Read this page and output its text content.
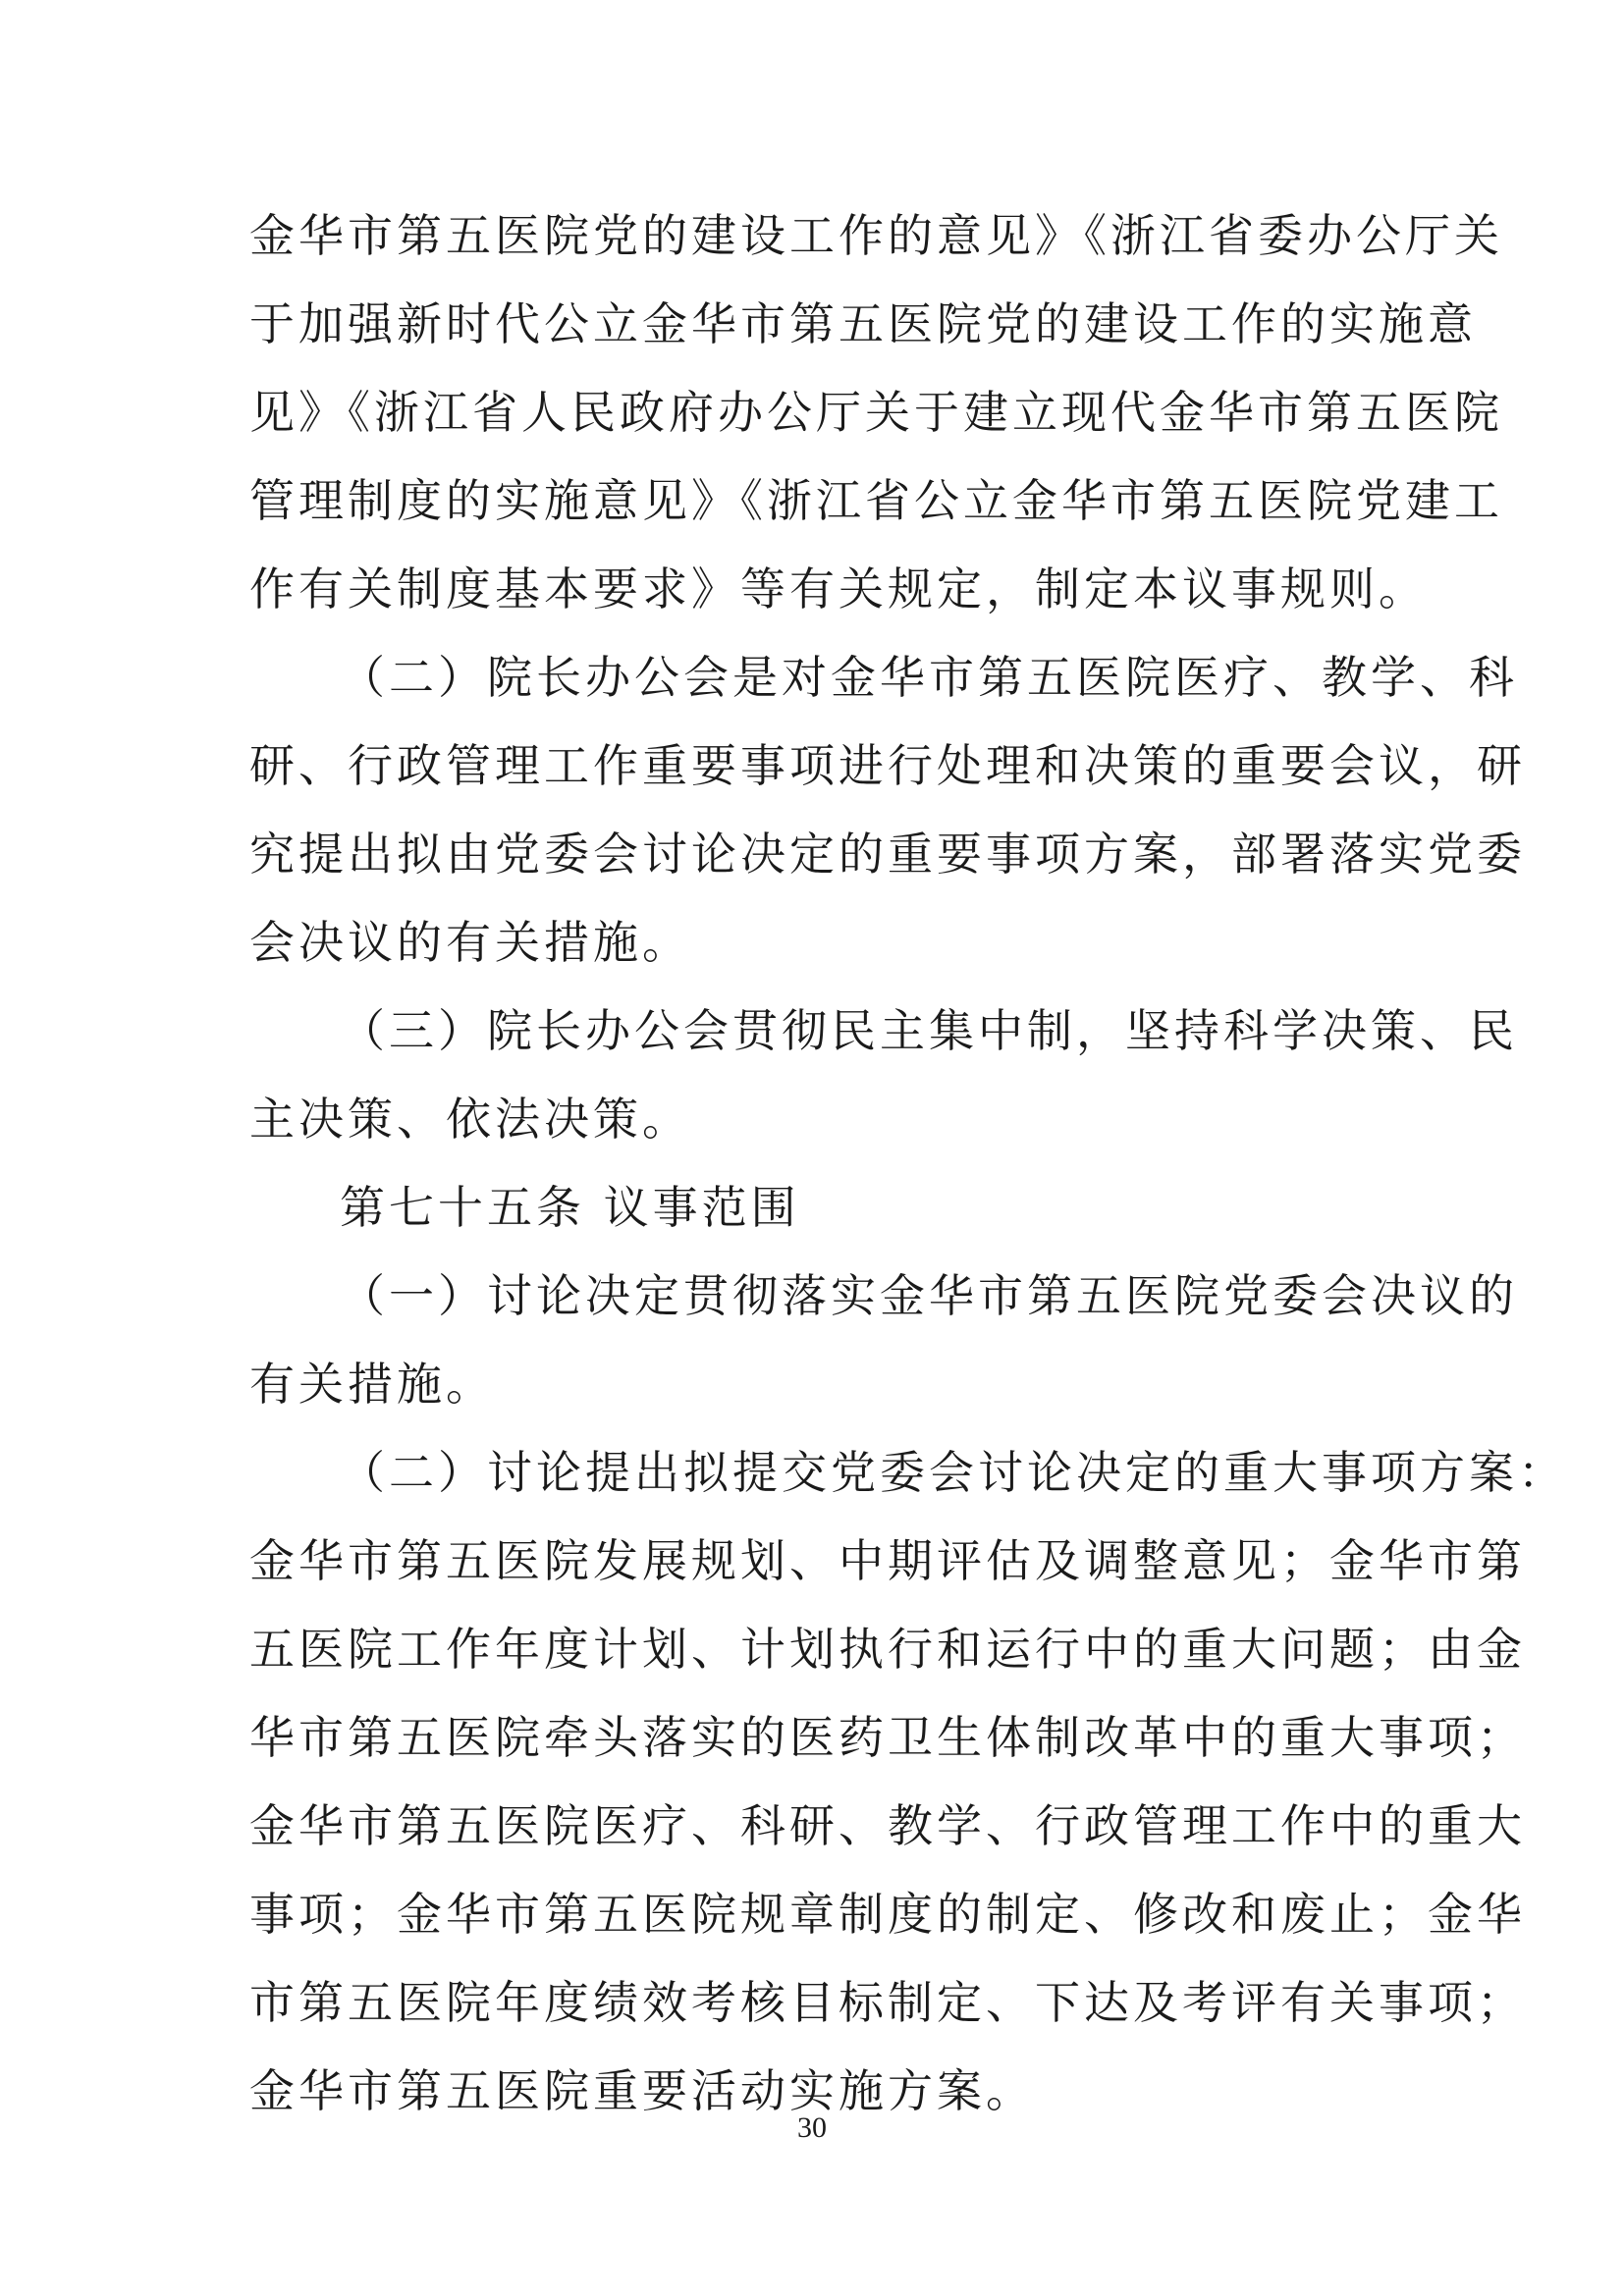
金华市第五医院党的建设工作的意见》《浙江省委办公厅关
于加强新时代公立金华市第五医院党的建设工作的实施意
见》《浙江省人民政府办公厅关于建立现代金华市第五医院
管理制度的实施意见》《浙江省公立金华市第五医院党建工
作有关制度基本要求》等有关规定，制定本议事规则。
（二）院长办公会是对金华市第五医院医疗、教学、科
研、行政管理工作重要事项进行处理和决策的重要会议，研
究提出拟由党委会讨论决定的重要事项方案，部署落实党委
会决议的有关措施。
（三）院长办公会贯彻民主集中制，坚持科学决策、民
主决策、依法决策。
第七十五条 议事范围
（一）讨论决定贯彻落实金华市第五医院党委会决议的
有关措施。
（二）讨论提出拟提交党委会讨论决定的重大事项方案：
金华市第五医院发展规划、中期评估及调整意见；金华市第
五医院工作年度计划、计划执行和运行中的重大问题；由金
华市第五医院牵头落实的医药卫生体制改革中的重大事项；
金华市第五医院医疗、科研、教学、行政管理工作中的重大
事项；金华市第五医院规章制度的制定、修改和废止；金华
市第五医院年度绩效考核目标制定、下达及考评有关事项；
金华市第五医院重要活动实施方案。
30
